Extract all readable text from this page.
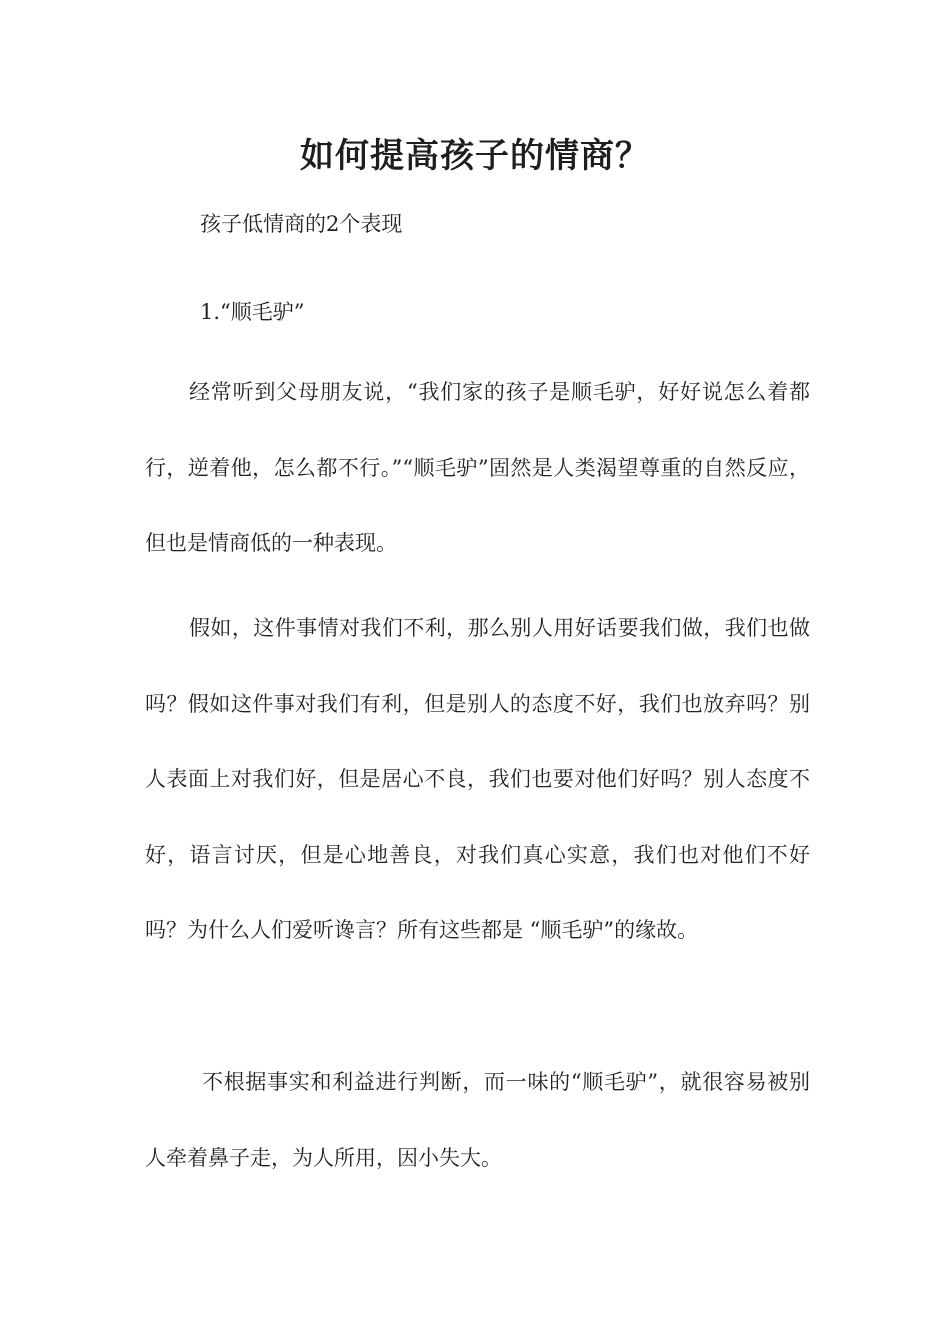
如何提高孩子的情商？

孩子低情商的2个表现

1.“顺毛驴”

经常听到父母朋友说，“我们家的孩子是顺毛驴，好好说怎么着都行，逆着他，怎么都不行。”“顺毛驴”固然是人类渴望尊重的自然反应，但也是情商低的一种表现。

假如，这件事情对我们不利，那么别人用好话要我们做，我们也做吗？假如这件事对我们有利，但是别人的态度不好，我们也放弃吗？别人表面上对我们好，但是居心不良，我们也要对他们好吗？别人态度不好，语言讨厌，但是心地善良，对我们真心实意，我们也对他们不好吗？为什么人们爱听谗言？所有这些都是 “顺毛驴”的缘故。

不根据事实和利益进行判断，而一味的“顺毛驴”，就很容易被别人牵着鼻子走，为人所用，因小失大。
